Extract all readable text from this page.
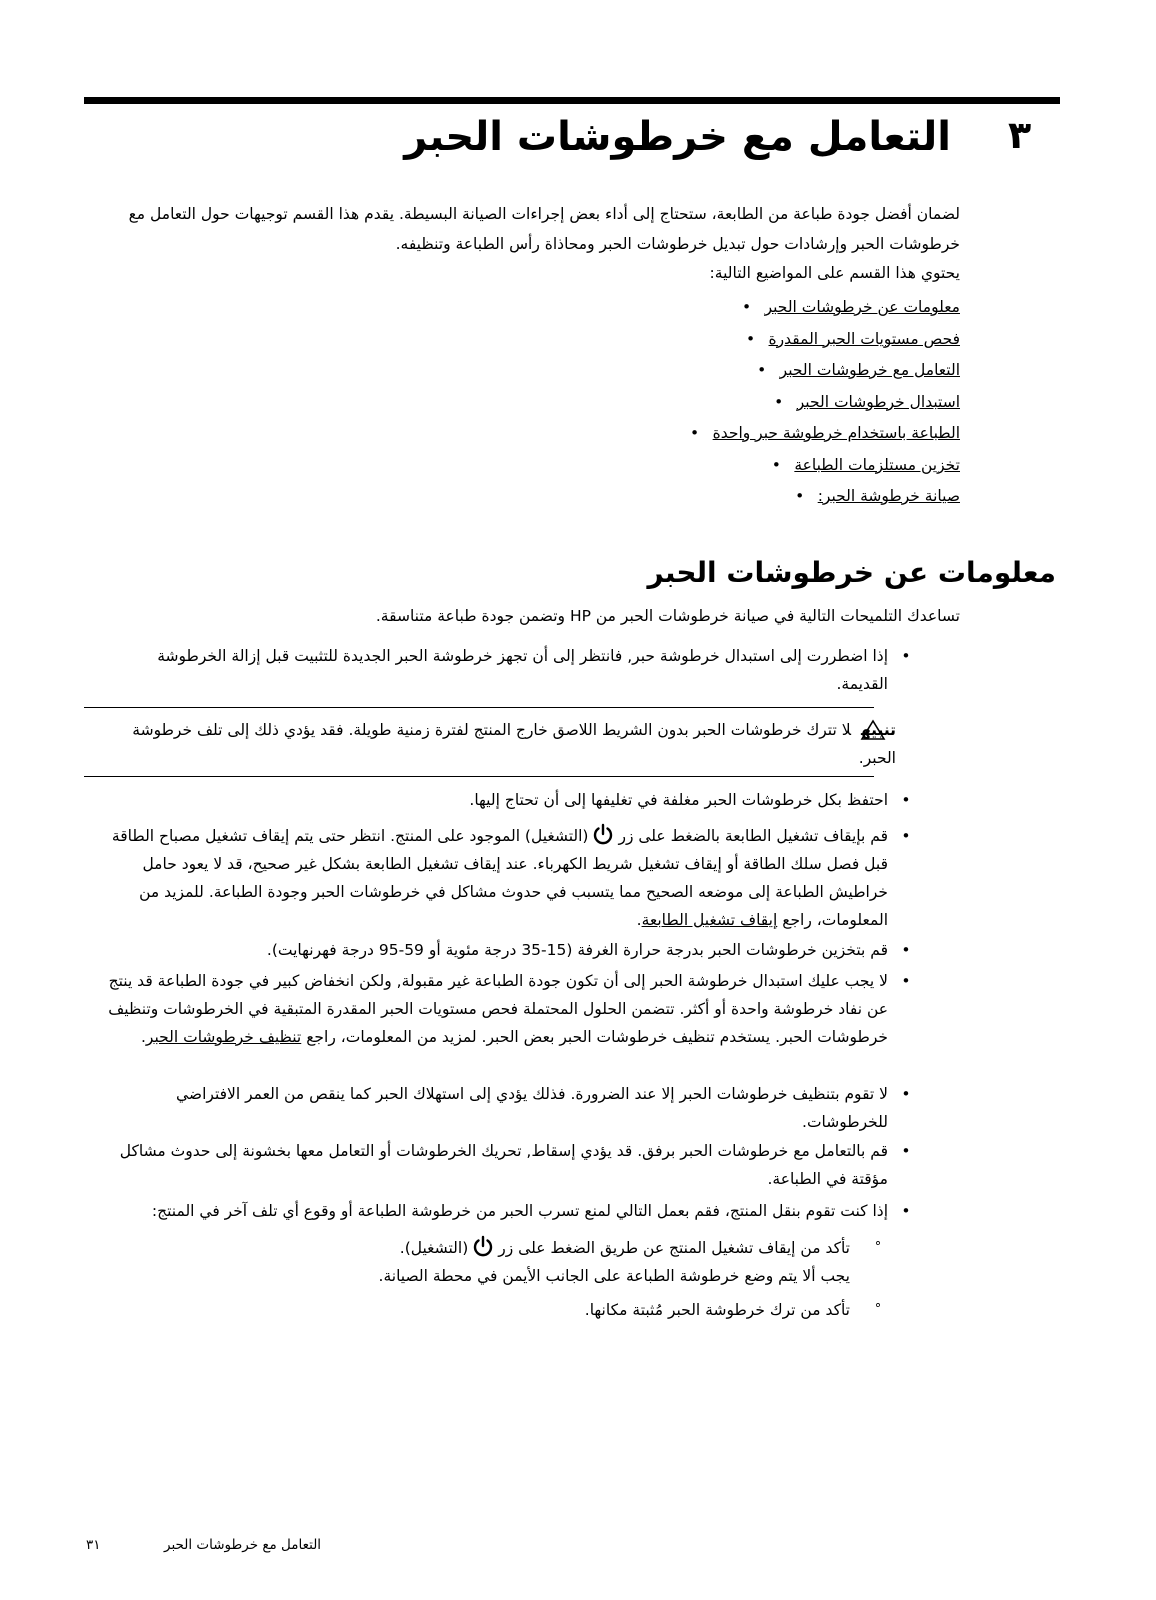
٣
التعامل مع خرطوشات الحبر
لضمان أفضل جودة طباعة من الطابعة، ستحتاج إلى أداء بعض إجراءات الصيانة البسيطة. يقدم هذا القسم توجيهات حول التعامل مع خرطوشات الحبر وإرشادات حول تبديل خرطوشات الحبر ومحاذاة رأس الطباعة وتنظيفه.
يحتوي هذا القسم على المواضيع التالية:
معلومات عن خرطوشات الحبر•
فحص مستويات الحبر المقدرة•
التعامل مع خرطوشات الحبر•
استبدال خرطوشات الحبر•
الطباعة باستخدام خرطوشة حبر واحدة•
تخزين مستلزمات الطباعة•
صيانة خرطوشة الحبر:•
معلومات عن خرطوشات الحبر
تساعدك التلميحات التالية في صيانة خرطوشات الحبر من HP وتضمن جودة طباعة متناسقة.
إذا اضطررت إلى استبدال خرطوشة حبر, فانتظر إلى أن تجهز خرطوشة الحبر الجديدة للتثبيت قبل إزالة الخرطوشة القديمة.
•
تنبيهلا تترك خرطوشات الحبر بدون الشريط اللاصق خارج المنتج لفترة زمنية طويلة. فقد يؤدي ذلك إلى تلف خرطوشة الحبر.
احتفظ بكل خرطوشات الحبر مغلفة في تغليفها إلى أن تحتاج إليها. •
قم بإيقاف تشغيل الطابعة بالضغط على زر(التشغيل) الموجود على المنتج. انتظر حتى يتم إيقاف تشغيل مصباح الطاقة قبل فصل سلك الطاقة أو إيقاف تشغيل شريط الكهرباء. عند إيقاف تشغيل الطابعة بشكل غير صحيح، قد لا يعود حامل خراطيش الطباعة إلى موضعه الصحيح مما يتسبب في حدوث مشاكل في خرطوشات الحبر وجودة الطباعة. للمزيد من المعلومات، راجع إيقاف تشغيل الطابعة.
•
قم بتخزين خرطوشات الحبر بدرجة حرارة الغرفة (15-35 درجة مئوية أو 59-95 درجة فهرنهايت). •
لا يجب عليك استبدال خرطوشة الحبر إلى أن تكون جودة الطباعة غير مقبولة, ولكن انخفاض كبير في جودة الطباعة قد ينتج عن نفاد خرطوشة واحدة أو أكثر. تتضمن الحلول المحتملة فحص مستويات الحبر المقدرة المتبقية في الخرطوشات وتنظيف خرطوشات الحبر. يستخدم تنظيف خرطوشات الحبر بعض الحبر. لمزيد من المعلومات، راجع تنظيف خرطوشات الحبر.
•
لا تقوم بتنظيف خرطوشات الحبر إلا عند الضرورة. فذلك يؤدي إلى استهلاك الحبر كما ينقص من العمر الافتراضي للخرطوشات.
•
قم بالتعامل مع خرطوشات الحبر برفق. قد يؤدي إسقاط, تحريك الخرطوشات أو التعامل معها بخشونة إلى حدوث مشاكل مؤقتة في الطباعة.
•
إذا كنت تقوم بنقل المنتج، فقم بعمل التالي لمنع تسرب الحبر من خرطوشة الطباعة أو وقوع أي تلف آخر في المنتج: •
تأكد من إيقاف تشغيل المنتج عن طريق الضغط على زر(التشغيل).
يجب ألا يتم وضع خرطوشة الطباعة على الجانب الأيمن في محطة الصيانة.
°
تأكد من ترك خرطوشة الحبر مُثبتة مكانها.	°
التعامل مع خرطوشات الحبر
٣١
